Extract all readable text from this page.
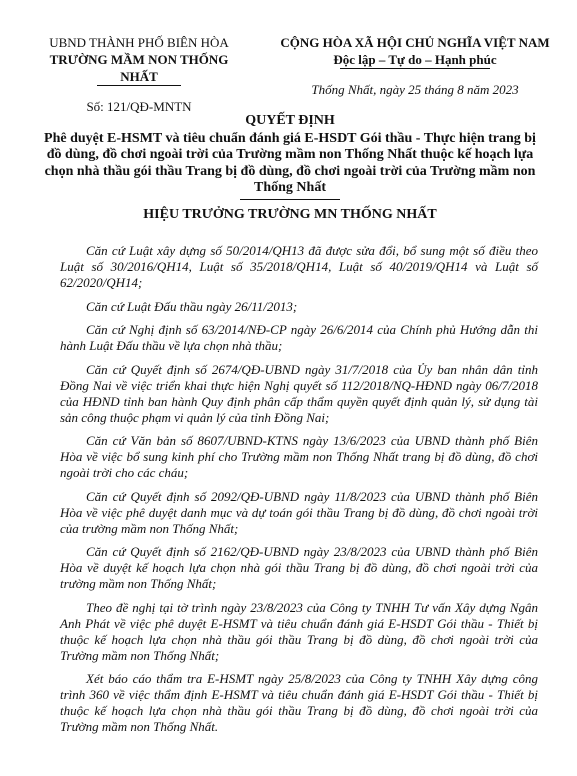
UBND THÀNH PHỐ BIÊN HÒA
TRƯỜNG MẦM NON THỐNG NHẤT
Số: 121/QĐ-MNTN
CỘNG HÒA XÃ HỘI CHỦ NGHĨA VIỆT NAM
Độc lập – Tự do – Hạnh phúc
Thống Nhất, ngày 25 tháng 8 năm 2023
QUYẾT ĐỊNH
Phê duyệt E-HSMT và tiêu chuẩn đánh giá E-HSDT Gói thầu - Thực hiện trang bị đồ dùng, đồ chơi ngoài trời của Trường mầm non Thống Nhất thuộc kế hoạch lựa chọn nhà thầu gói thầu Trang bị đồ dùng, đồ chơi ngoài trời của Trường mầm non Thống Nhất
HIỆU TRƯỞNG TRƯỜNG MN THỐNG NHẤT

Căn cứ Luật xây dựng số 50/2014/QH13 đã được sửa đổi, bổ sung một số điều theo Luật số 30/2016/QH14, Luật số 35/2018/QH14, Luật số 40/2019/QH14 và Luật số 62/2020/QH14;

Căn cứ Luật Đấu thầu ngày 26/11/2013;

Căn cứ Nghị định số 63/2014/NĐ-CP ngày 26/6/2014 của Chính phủ Hướng dẫn thi hành Luật Đấu thầu về lựa chọn nhà thầu;

Căn cứ Quyết định số 2674/QĐ-UBND ngày 31/7/2018 của Ủy ban nhân dân tỉnh Đồng Nai về việc triển khai thực hiện Nghị quyết số 112/2018/NQ-HĐND ngày 06/7/2018 của HĐND tỉnh ban hành Quy định phân cấp thẩm quyền quyết định quản lý, sử dụng tài sản công thuộc phạm vi quản lý của tỉnh Đồng Nai;

Căn cứ Văn bản số 8607/UBND-KTNS ngày 13/6/2023 của UBND thành phố Biên Hòa về việc bổ sung kinh phí cho Trường mầm non Thống Nhất trang bị đồ dùng, đồ chơi ngoài trời cho các cháu;

Căn cứ Quyết định số 2092/QĐ-UBND ngày 11/8/2023 của UBND thành phố Biên Hòa về việc phê duyệt danh mục và dự toán gói thầu Trang bị đồ dùng, đồ chơi ngoài trời của trường mầm non Thống Nhất;

Căn cứ Quyết định số 2162/QĐ-UBND ngày 23/8/2023 của UBND thành phố Biên Hòa về duyệt kế hoạch lựa chọn nhà gói thầu Trang bị đồ dùng, đồ chơi ngoài trời của trường mầm non Thống Nhất;

Theo đề nghị tại tờ trình ngày 23/8/2023 của Công ty TNHH Tư vấn Xây dựng Ngân Anh Phát về việc phê duyệt E-HSMT và tiêu chuẩn đánh giá E-HSDT Gói thầu - Thiết bị thuộc kế hoạch lựa chọn nhà thầu gói thầu Trang bị đồ dùng, đồ chơi ngoài trời của Trường mầm non Thống Nhất;

Xét báo cáo thẩm tra E-HSMT ngày 25/8/2023 của Công ty TNHH Xây dựng công trình 360 về việc thẩm định E-HSMT và tiêu chuẩn đánh giá E-HSDT Gói thầu - Thiết bị thuộc kế hoạch lựa chọn nhà thầu gói thầu Trang bị đồ dùng, đồ chơi ngoài trời của Trường mầm non Thống Nhất.
